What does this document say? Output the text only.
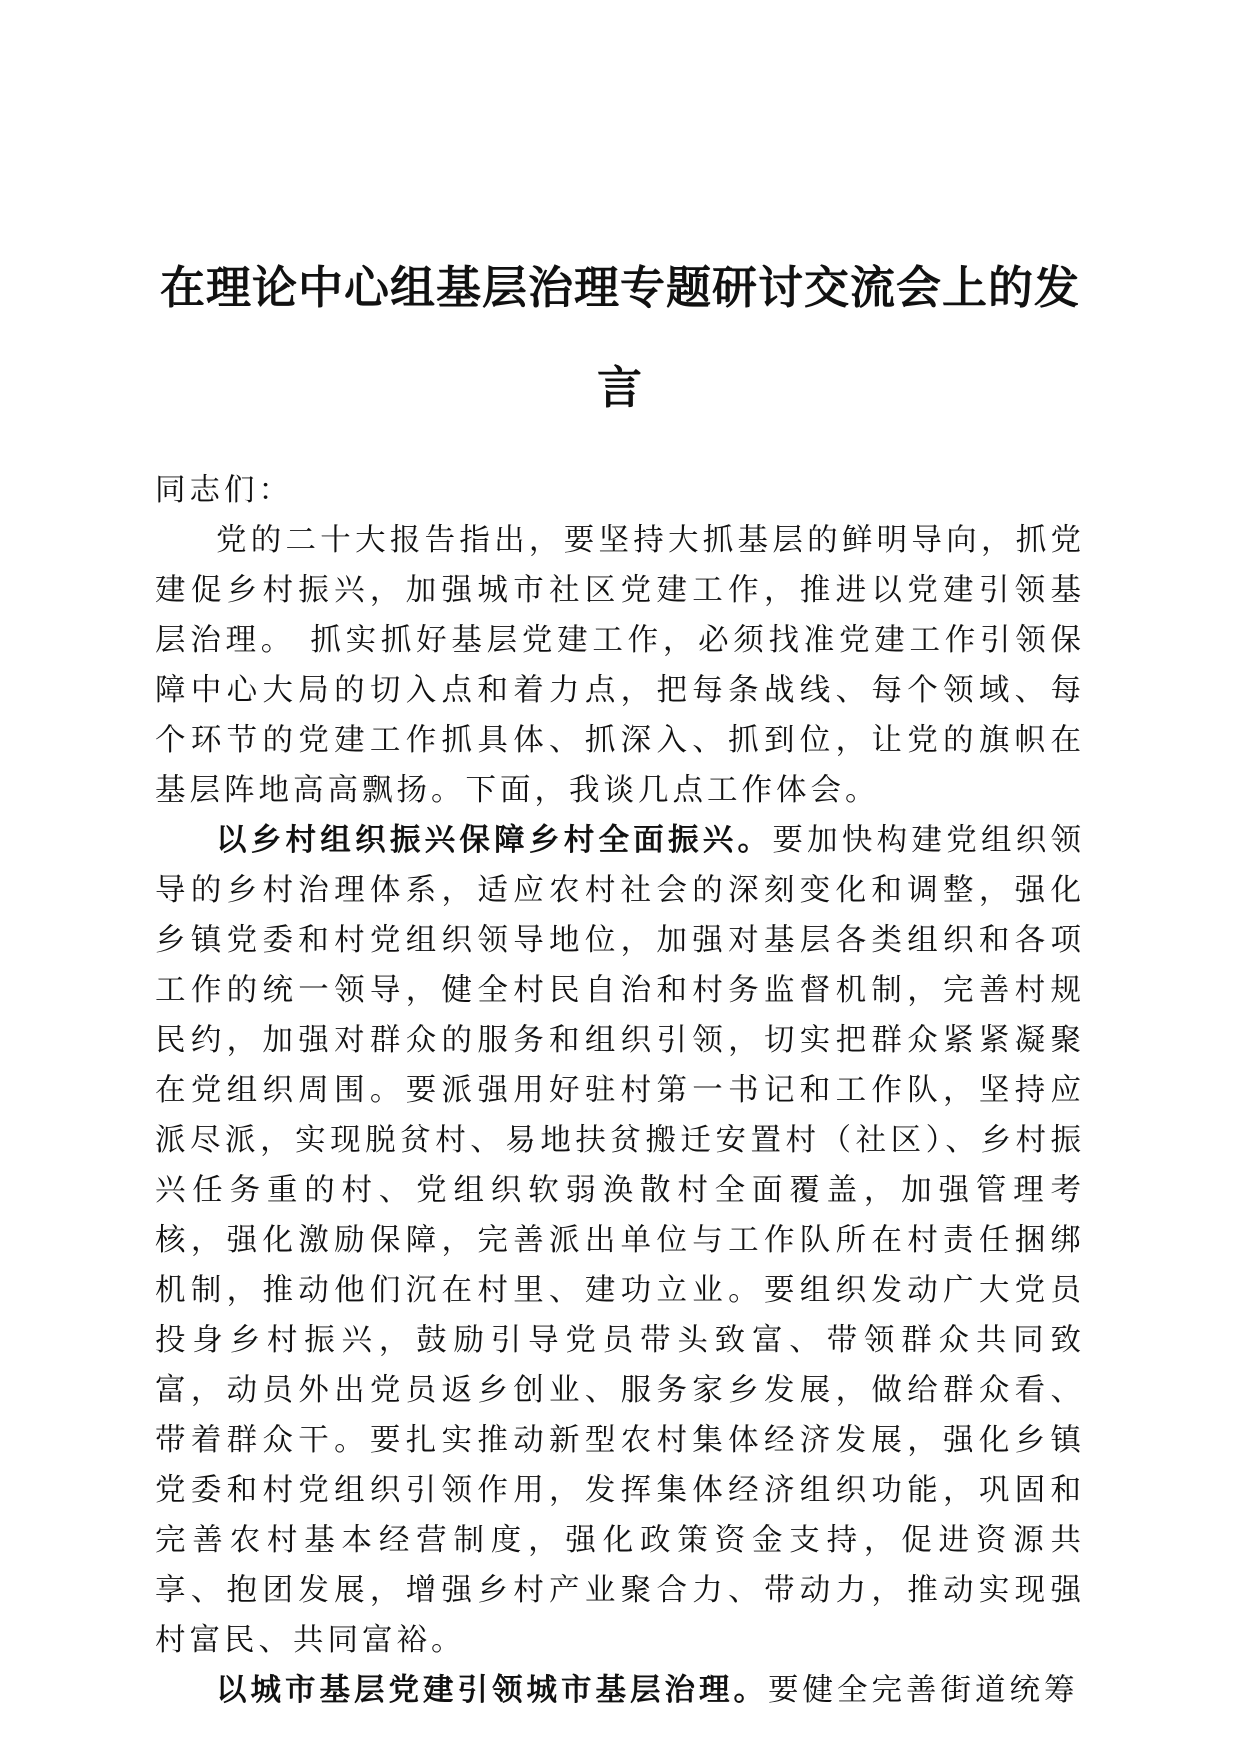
在理论中心组基层治理专题研讨交流会上的发言

同志们：

党的二十大报告指出，要坚持大抓基层的鲜明导向，抓党建促乡村振兴，加强城市社区党建工作，推进以党建引领基层治理。 抓实抓好基层党建工作，必须找准党建工作引领保障中心大局的切入点和着力点，把每条战线、每个领域、每个环节的党建工作抓具体、抓深入、抓到位，让党的旗帜在基层阵地高高飘扬。下面，我谈几点工作体会。

以乡村组织振兴保障乡村全面振兴。要加快构建党组织领导的乡村治理体系，适应农村社会的深刻变化和调整，强化乡镇党委和村党组织领导地位，加强对基层各类组织和各项工作的统一领导，健全村民自治和村务监督机制，完善村规民约，加强对群众的服务和组织引领，切实把群众紧紧凝聚在党组织周围。要派强用好驻村第一书记和工作队，坚持应派尽派，实现脱贫村、易地扶贫搬迁安置村（社区）、乡村振兴任务重的村、党组织软弱涣散村全面覆盖，加强管理考核，强化激励保障，完善派出单位与工作队所在村责任捆绑机制，推动他们沉在村里、建功立业。要组织发动广大党员投身乡村振兴，鼓励引导党员带头致富、带领群众共同致富，动员外出党员返乡创业、服务家乡发展，做给群众看、带着群众干。要扎实推动新型农村集体经济发展，强化乡镇党委和村党组织引领作用，发挥集体经济组织功能，巩固和完善农村基本经营制度，强化政策资金支持，促进资源共享、抱团发展，增强乡村产业聚合力、带动力，推动实现强村富民、共同富裕。

以城市基层党建引领城市基层治理。要健全完善街道统筹
